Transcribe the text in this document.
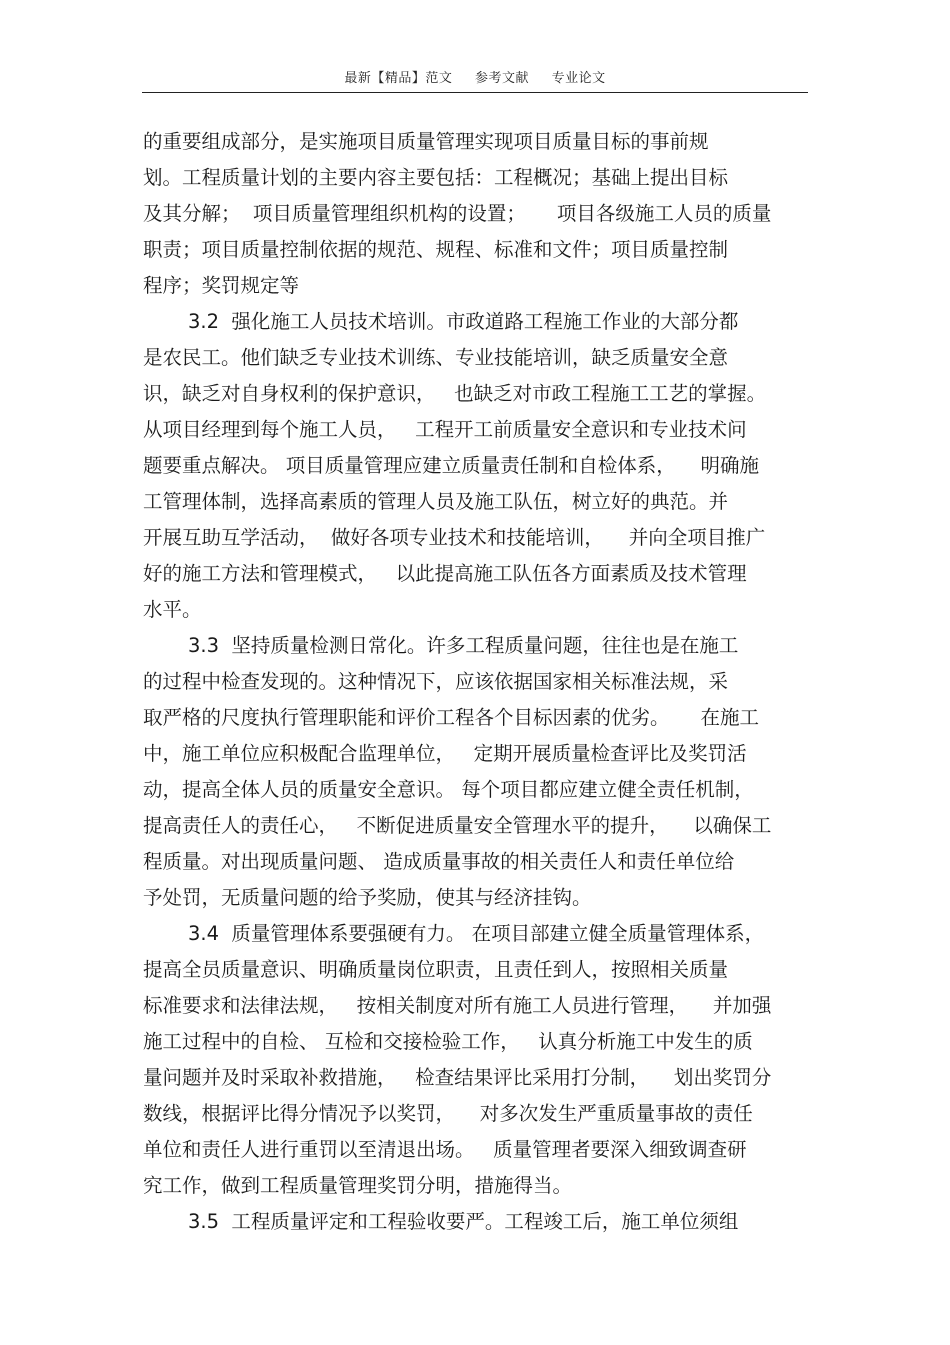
最新【精品】范文 参考文献 专业论文
的重要组成部分，是实施项目质量管理实现项目质量目标的事前规
划。工程质量计划的主要内容主要包括：工程概况；基础上提出目标
及其分解；  项目质量管理组织机构的设置；     项目各级施工人员的质量
职责；项目质量控制依据的规范、规程、标准和文件；项目质量控制
程序；奖罚规定等
3.2  强化施工人员技术培训。市政道路工程施工作业的大部分都
是农民工。他们缺乏专业技术训练、专业技能培训，缺乏质量安全意
识，缺乏对自身权利的保护意识，   也缺乏对市政工程施工工艺的掌握。
从项目经理到每个施工人员，   工程开工前质量安全意识和专业技术问
题要重点解决。 项目质量管理应建立质量责任制和自检体系，    明确施
工管理体制，选择高素质的管理人员及施工队伍，树立好的典范。并
开展互助互学活动，  做好各项专业技术和技能培训，    并向全项目推广
好的施工方法和管理模式，   以此提高施工队伍各方面素质及技术管理
水平。
3.3  坚持质量检测日常化。许多工程质量问题，往往也是在施工
的过程中检查发现的。这种情况下，应该依据国家相关标准法规，采
取严格的尺度执行管理职能和评价工程各个目标因素的优劣。     在施工
中，施工单位应积极配合监理单位，   定期开展质量检查评比及奖罚活
动，提高全体人员的质量安全意识。 每个项目都应建立健全责任机制，
提高责任人的责任心，   不断促进质量安全管理水平的提升，    以确保工
程质量。对出现质量问题、 造成质量事故的相关责任人和责任单位给
予处罚，无质量问题的给予奖励，使其与经济挂钩。
3.4  质量管理体系要强硬有力。 在项目部建立健全质量管理体系，
提高全员质量意识、明确质量岗位职责，且责任到人，按照相关质量
标准要求和法律法规，   按相关制度对所有施工人员进行管理，    并加强
施工过程中的自检、 互检和交接检验工作，   认真分析施工中发生的质
量问题并及时采取补救措施，   检查结果评比采用打分制，    划出奖罚分
数线，根据评比得分情况予以奖罚，    对多次发生严重质量事故的责任
单位和责任人进行重罚以至清退出场。   质量管理者要深入细致调查研
究工作，做到工程质量管理奖罚分明，措施得当。
3.5  工程质量评定和工程验收要严。工程竣工后，施工单位须组
